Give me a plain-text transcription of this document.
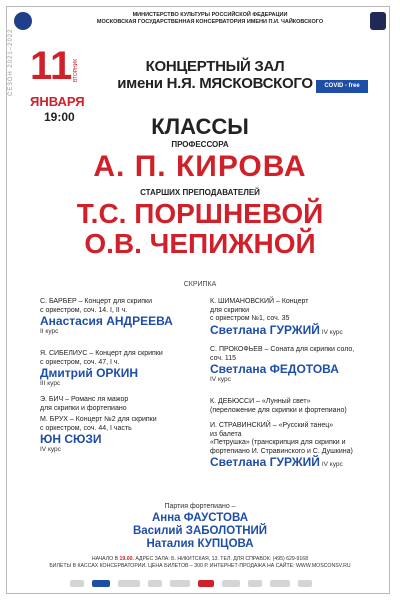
СЕЗОН 2021–2022
МИНИСТЕРСТВО КУЛЬТУРЫ РОССИЙСКОЙ ФЕДЕРАЦИИ
МОСКОВСКАЯ ГОСУДАРСТВЕННАЯ КОНСЕРВАТОРИЯ ИМЕНИ П.И. ЧАЙКОВСКОГО
11 ВТОРНИК
ЯНВАРЯ
19:00
КОНЦЕРТНЫЙ ЗАЛ
имени Н.Я. МЯСКОВСКОГО	COVID - free
КЛАССЫ
ПРОФЕССОРА
А. П. КИРОВА
СТАРШИХ ПРЕПОДАВАТЕЛЕЙ
Т.С. ПОРШНЕВОЙ
О.В. ЧЕПИЖНОЙ
СКРИПКА
С. БАРБЕР – Концерт для скрипки
с оркестром, соч. 14. I, II ч.
Анастасия АНДРЕЕВА
II курс
Я. СИБЕЛИУС – Концерт для скрипки
с оркестром, соч. 47, I ч.
Дмитрий ОРКИН
III курс
Э. БИЧ – Романс ля мажор
для скрипки и фортепиано
М. БРУХ – Концерт №2 для скрипки
с оркестром, соч. 44, I часть
ЮН СЮЗИ
IV курс
К. ШИМАНОВСКИЙ – Концерт
для скрипки
с оркестром №1, соч. 35
Светлана ГУРЖИЙ IV курс
С. ПРОКОФЬЕВ – Соната для скрипки соло,
соч. 115
Светлана ФЕДОТОВА
IV курс
К. ДЕБЮССИ – «Лунный свет»
(переложение для скрипки и фортепиано)
И. СТРАВИНСКИЙ – «Русский танец»
из балета
«Петрушка» (транскрипция для скрипки и фортепиано И. Стравинского и С. Душкина)
Светлана ГУРЖИЙ IV курс
Партия фортепиано –
Анна ФАУСТОВА
Василий ЗАБОЛОТНИЙ
Наталия КУПЦОВА
НАЧАЛО В 19.00. АДРЕС ЗАЛА: Б. НИКИТСКАЯ, 13. ТЕЛ. ДЛЯ СПРАВОК: (495) 629-9168
БИЛЕТЫ В КАССАХ КОНСЕРВАТОРИИ. ЦЕНА БИЛЕТОВ – 300 Р. ИНТЕРНЕТ-ПРОДАЖА НА САЙТЕ: WWW.MOSCONSV.RU
